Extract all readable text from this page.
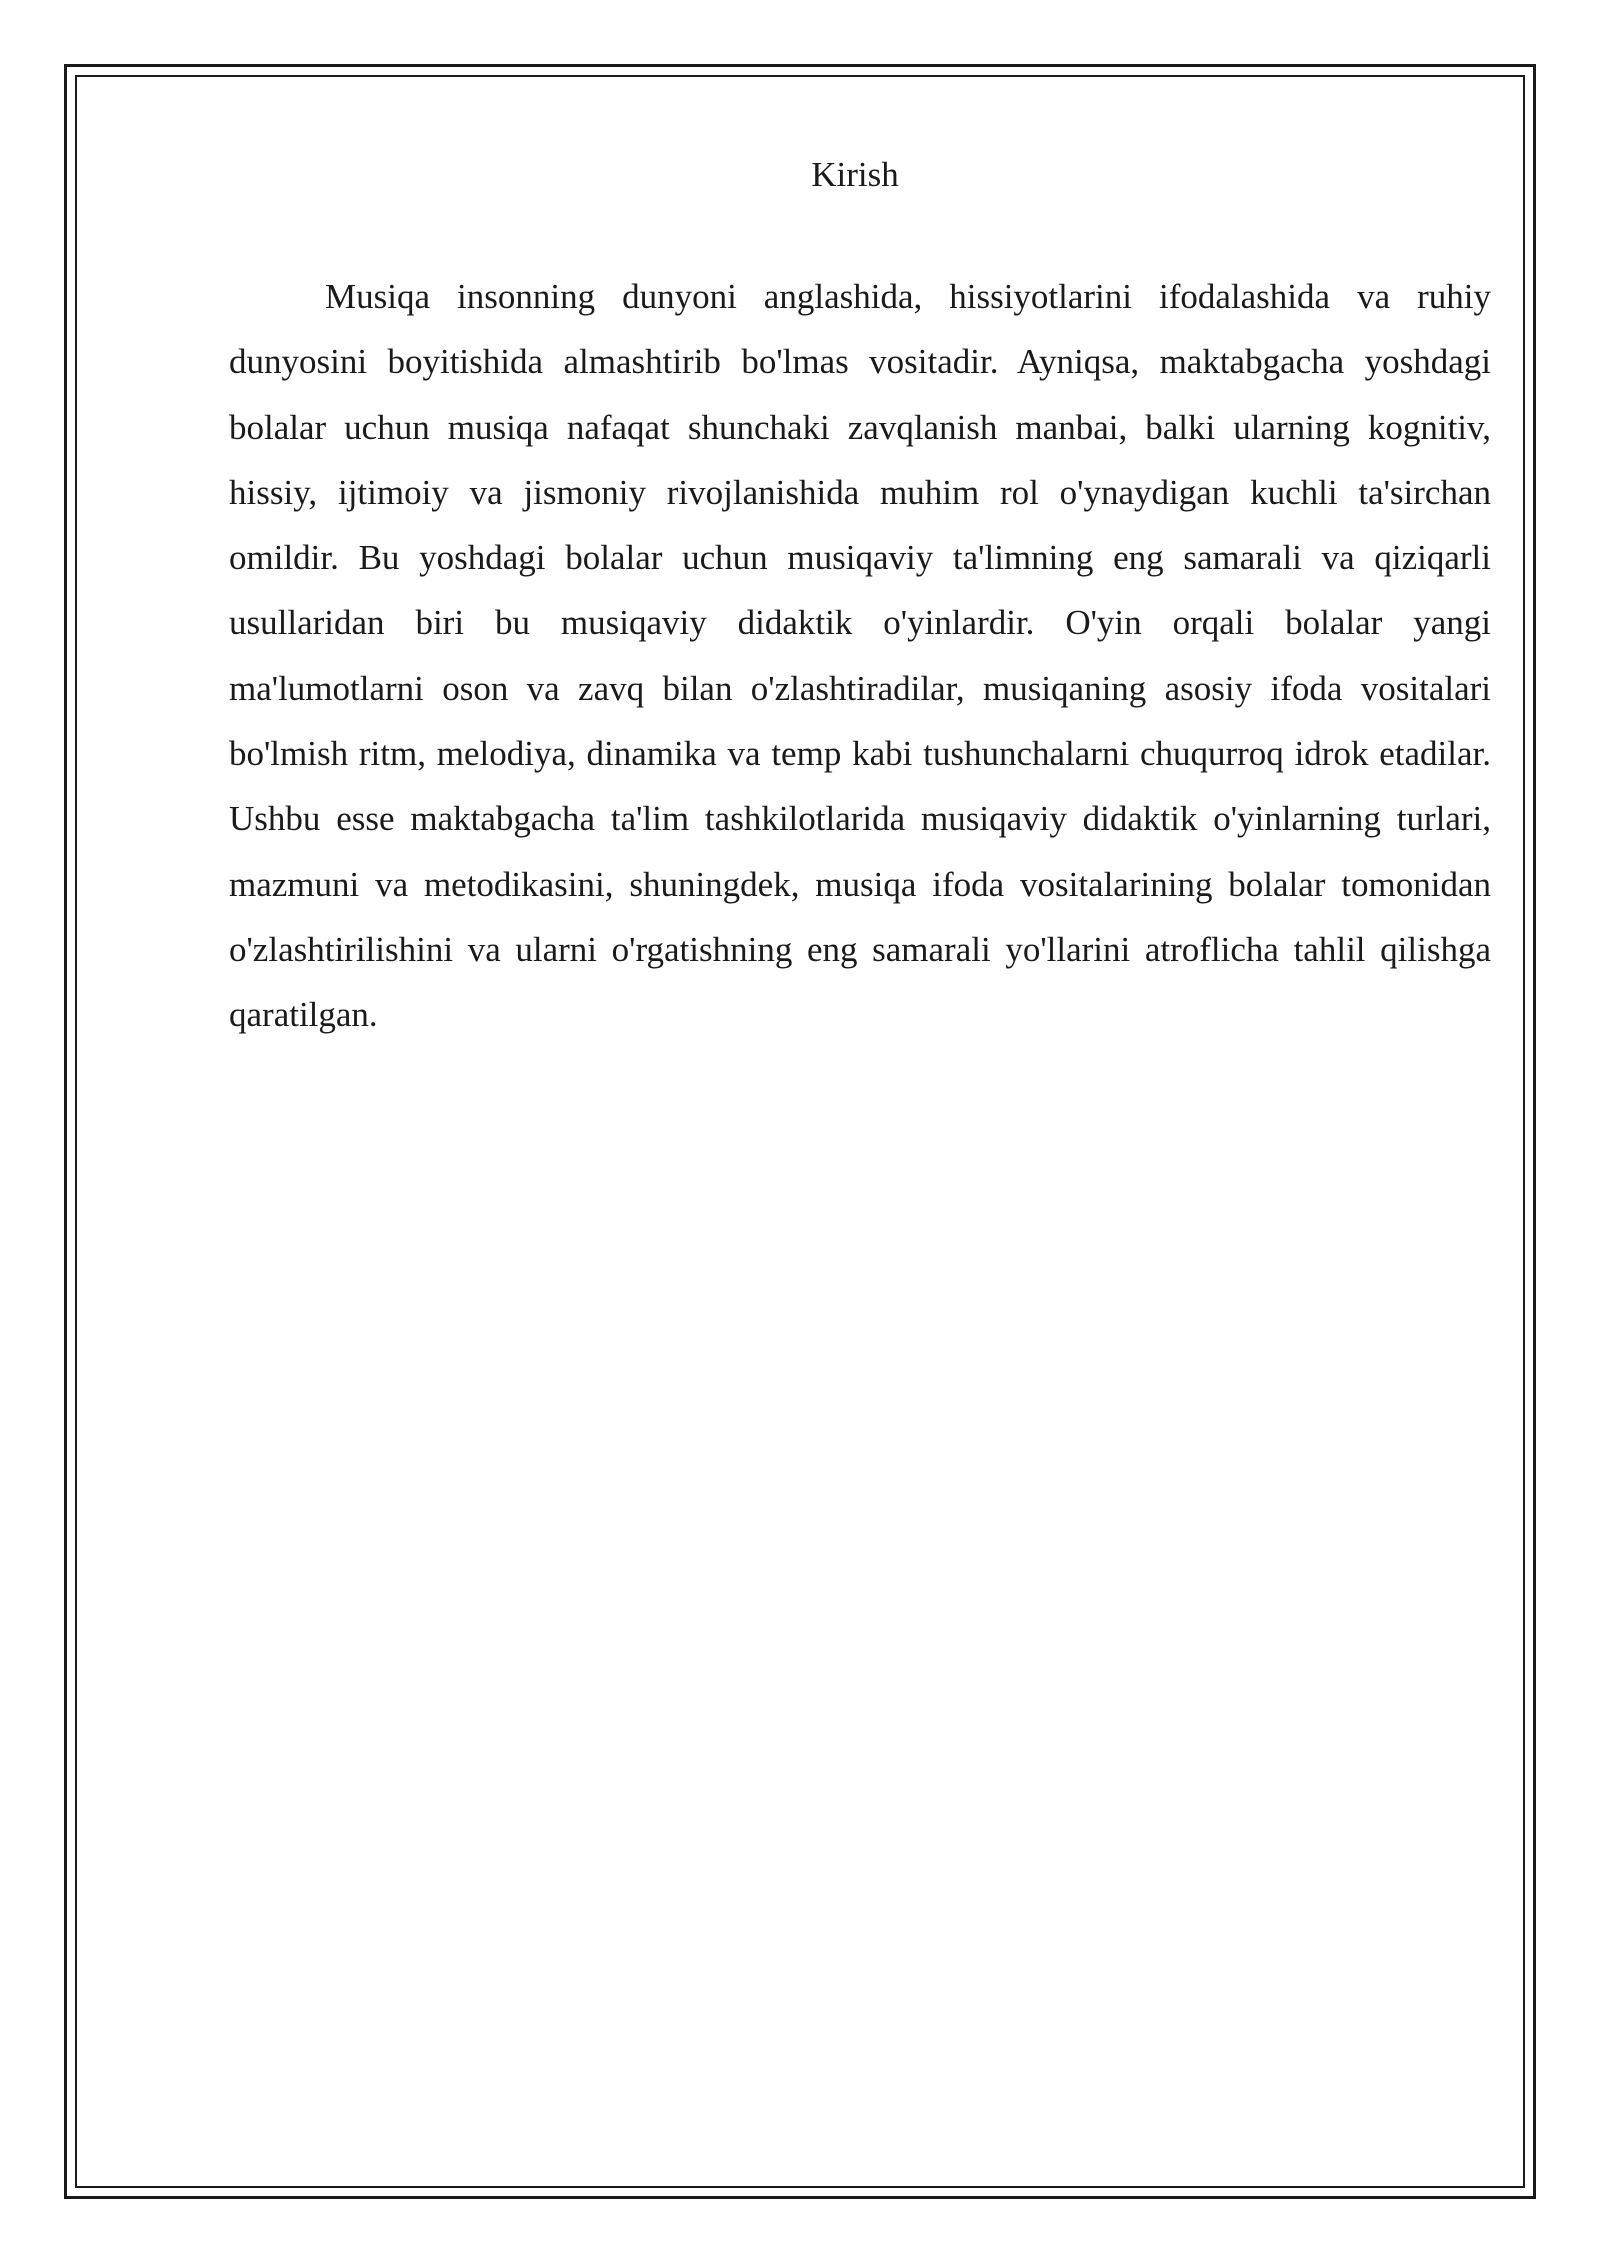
Kirish

Musiqa insonning dunyoni anglashida, hissiyotlarini ifodalashida va ruhiy dunyosini boyitishida almashtirib bo'lmas vositadir. Ayniqsa, maktabgacha yoshdagi bolalar uchun musiqa nafaqat shunchaki zavqlanish manbai, balki ularning kognitiv, hissiy, ijtimoiy va jismoniy rivojlanishida muhim rol o'ynaydigan kuchli ta'sirchan omildir. Bu yoshdagi bolalar uchun musiqaviy ta'limning eng samarali va qiziqarli usullaridan biri bu musiqaviy didaktik o'yinlardir. O'yin orqali bolalar yangi ma'lumotlarni oson va zavq bilan o'zlashtiradilar, musiqaning asosiy ifoda vositalari bo'lmish ritm, melodiya, dinamika va temp kabi tushunchalarni chuqurroq idrok etadilar. Ushbu esse maktabgacha ta'lim tashkilotlarida musiqaviy didaktik o'yinlarning turlari, mazmuni va metodikasini, shuningdek, musiqa ifoda vositalarining bolalar tomonidan o'zlashtirilishini va ularni o'rgatishning eng samarali yo'llarini atroflicha tahlil qilishga qaratilgan.
